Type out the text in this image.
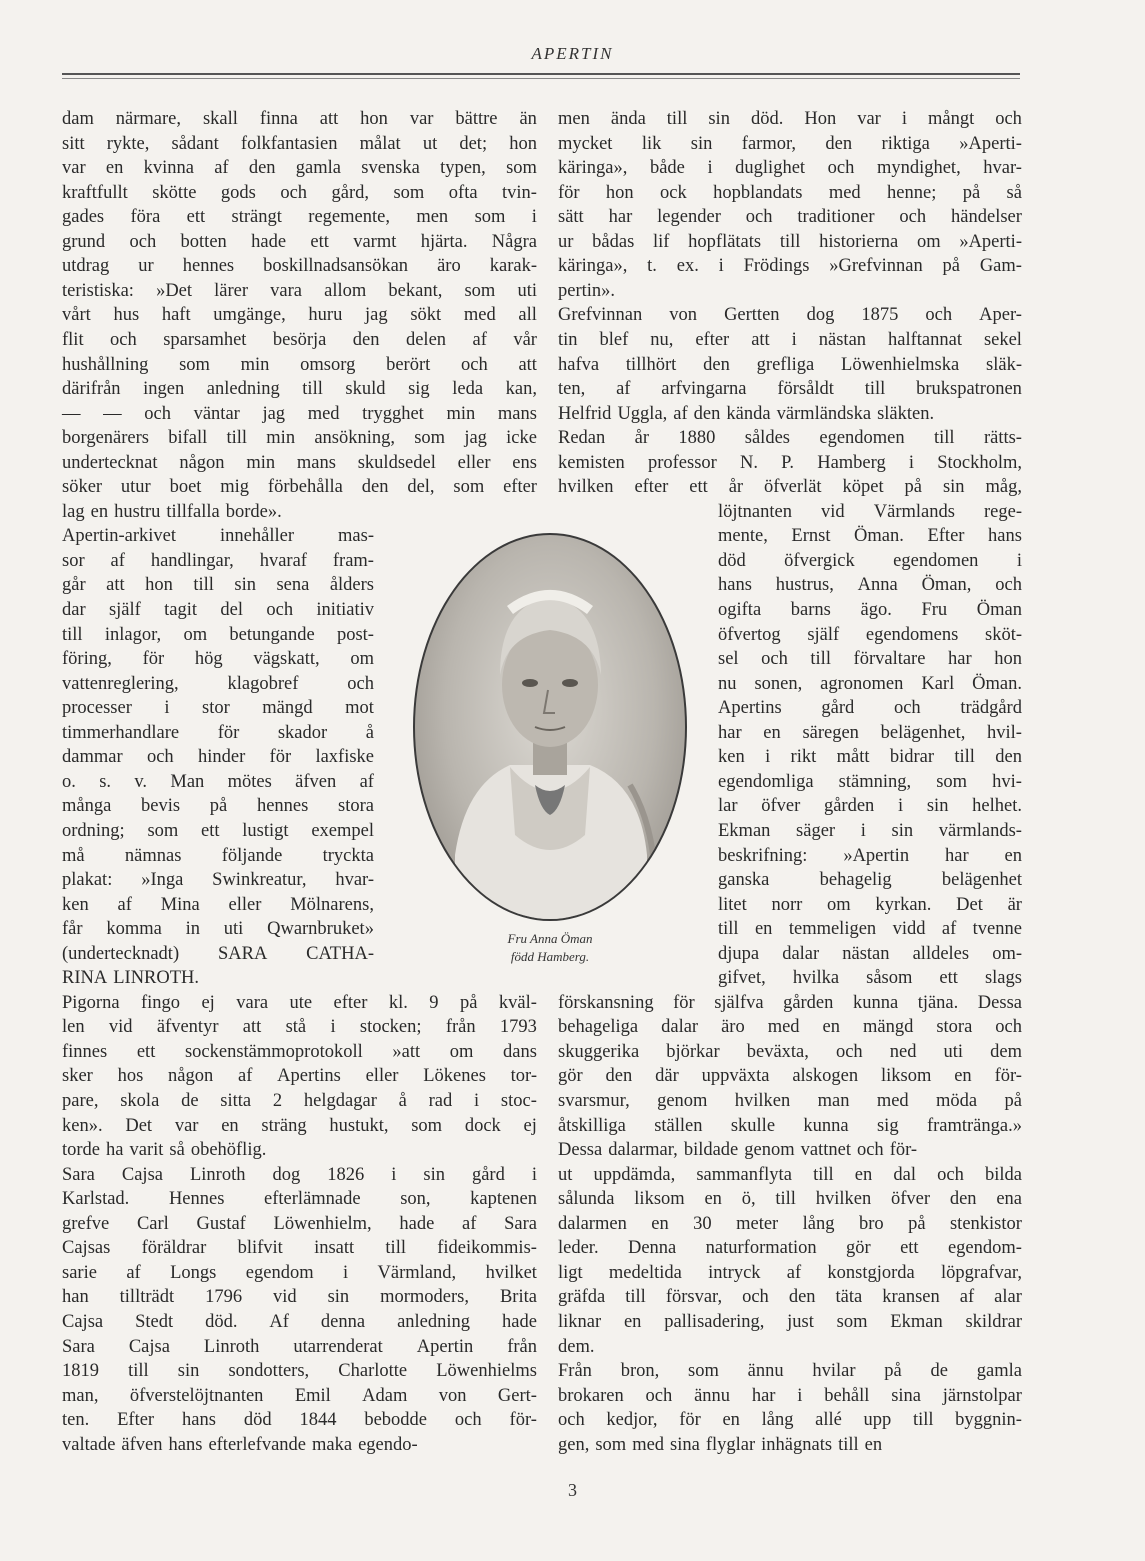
APERTIN
dam närmare, skall finna att hon var bättre än
sitt rykte, sådant folkfantasien målat ut det; hon
var en kvinna af den gamla svenska typen, som
kraftfullt skötte gods och gård, som ofta tvin-
gades föra ett strängt regemente, men som i
grund och botten hade ett varmt hjärta. Några
utdrag ur hennes boskillnadsansökan äro karak-
teristiska: »Det lärer vara allom bekant, som uti
vårt hus haft umgänge, huru jag sökt med all
flit och sparsamhet besörja den delen af vår
hushållning som min omsorg berört och att
därifrån ingen anledning till skuld sig leda kan,
— — och väntar jag med trygghet min mans
borgenärers bifall till min ansökning, som jag icke
undertecknat någon min mans skuldsedel eller ens
söker utur boet mig förbehålla den del, som efter
lag en hustru tillfalla borde».
Apertin-arkivet innehåller mas-
sor af handlingar, hvaraf fram-
går att hon till sin sena ålders
dar själf tagit del och initiativ
till inlagor, om betungande post-
föring, för hög vägskatt, om
vattenreglering,	klagobref	och
processer i stor mängd mot
timmerhandlare för skador å
dammar och hinder för laxfiske
o. s. v. Man mötes äfven af
många bevis på hennes stora
ordning; som ett lustigt exempel
må nämnas följande tryckta
plakat: »Inga Swinkreatur, hvar-
ken af Mina eller Mölnarens,
får komma in uti Qwarnbruket»
(undertecknadt) SARA CATHA-
RINA LINROTH.
Pigorna fingo ej vara ute efter kl. 9 på kväl-
len vid äfventyr att stå i stocken; från 1793
finnes ett sockenstämmoprotokoll »att om dans
sker hos någon af Apertins eller Lökenes tor-
pare, skola de sitta 2 helgdagar å rad i stoc-
ken». Det var en sträng hustukt, som dock ej
torde ha varit så obehöflig.
Sara Cajsa Linroth dog 1826 i sin gård i
Karlstad. Hennes efterlämnade son, kaptenen
grefve Carl Gustaf Löwenhielm, hade af Sara
Cajsas föräldrar blifvit insatt till fideikommis-
sarie af Longs egendom i Värmland, hvilket
han tillträdt 1796 vid sin mormoders, Brita
Cajsa Stedt död. Af denna anledning hade
Sara Cajsa Linroth utarrenderat Apertin från
1819 till sin sondotters, Charlotte Löwenhielms
man, öfverstelöjtnanten Emil Adam von Gert-
ten. Efter hans död 1844 bebodde och för-
valtade äfven hans efterlefvande maka egendo-
men ända till sin död. Hon var i mångt och
mycket lik sin farmor, den riktiga »Aperti-
käringa», både i duglighet och myndighet, hvar-
för hon ock hopblandats med henne; på så
sätt har legender och traditioner och händelser
ur bådas lif hopflätats till historierna om »Aperti-
käringa», t. ex. i Frödings »Grefvinnan på Gam-
pertin».
Grefvinnan von Gertten dog 1875 och Aper-
tin blef nu, efter att i nästan halftannat sekel
hafva tillhört den grefliga Löwenhielmska släk-
ten, af arfvingarna försåldt till brukspatronen
Helfrid Uggla, af den kända värmländska släkten.
Redan år 1880 såldes egendomen till rätts-
kemisten professor N. P. Hamberg i Stockholm,
hvilken efter ett år öfverlät köpet på sin måg,
löjtnanten vid Värmlands rege-
mente, Ernst Öman. Efter hans
död öfvergick egendomen i
hans hustrus, Anna Öman, och
ogifta barns ägo. Fru Öman
öfvertog själf egendomens sköt-
sel och till förvaltare har hon
nu sonen, agronomen Karl Öman.
Apertins gård och trädgård
har en säregen belägenhet, hvil-
ken i rikt mått bidrar till den
egendomliga stämning, som hvi-
lar öfver gården i sin helhet.
Ekman säger i sin värmlands-
beskrifning: »Apertin har en
ganska	behagelig	belägenhet
litet norr om kyrkan. Det är
till en temmeligen vidd af tvenne
djupa dalar nästan alldeles om-
gifvet, hvilka såsom ett slags
förskansning för själfva gården kunna tjäna. Dessa
behageliga dalar äro med en mängd stora och
skuggerika björkar beväxta, och ned uti dem
gör den där uppväxta alskogen liksom en för-
svarsmur, genom hvilken man med möda på
åtskilliga ställen skulle kunna sig framtränga.»
Dessa dalarmar, bildade genom vattnet och för-
ut uppdämda, sammanflyta till en dal och bilda
sålunda liksom en ö, till hvilken öfver den ena
dalarmen en 30 meter lång bro på stenkistor
leder. Denna naturformation gör ett egendom-
ligt medeltida intryck af konstgjorda löpgrafvar,
gräfda till försvar, och den täta kransen af alar
liknar en pallisadering, just som Ekman skildrar
dem.
Från bron, som ännu hvilar på de gamla
brokaren och ännu har i behåll sina järnstolpar
och kedjor, för en lång allé upp till byggnin-
gen, som med sina flyglar inhägnats till en
Fru Anna Öman
född Hamberg.
3
